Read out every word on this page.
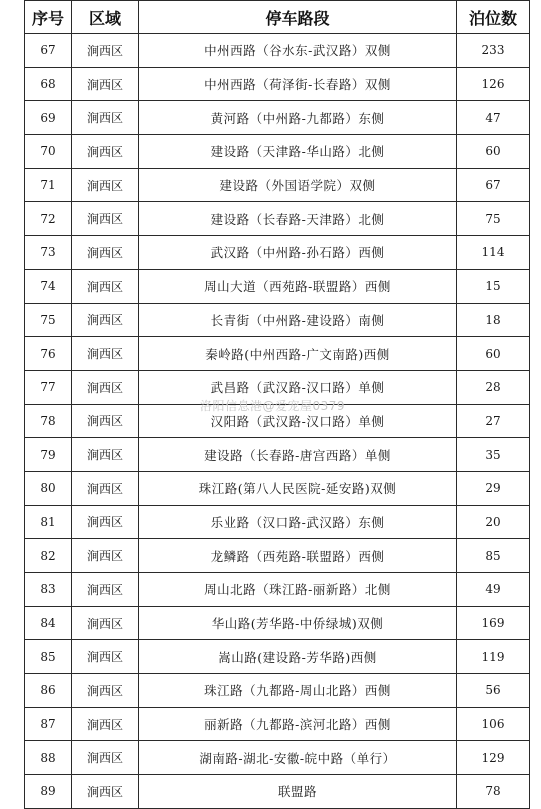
序号	区域	停车路段	泊位数
67	涧西区	中州西路（谷水东-武汉路）双侧	233
68	涧西区	中州西路（荷泽街-长春路）双侧	126
69	涧西区	黄河路（中州路-九都路）东侧	47
70	涧西区	建设路（天津路-华山路）北侧	60
71	涧西区	建设路（外国语学院）双侧	67
72	涧西区	建设路（长春路-天津路）北侧	75
73	涧西区	武汉路（中州路-孙石路）西侧	114
74	涧西区	周山大道（西苑路-联盟路）西侧	15
75	涧西区	长青街（中州路-建设路）南侧	18
76	涧西区	秦岭路(中州西路-广文南路)西侧	60
77	涧西区	武昌路（武汉路-汉口路）单侧	28
78	涧西区	汉阳路（武汉路-汉口路）单侧	27
79	涧西区	建设路（长春路-唐宫西路）单侧	35
80	涧西区	珠江路(第八人民医院-延安路)双侧	29
81	涧西区	乐业路（汉口路-武汉路）东侧	20
82	涧西区	龙鳞路（西苑路-联盟路）西侧	85
83	涧西区	周山北路（珠江路-丽新路）北侧	49
84	涧西区	华山路(芳华路-中侨绿城)双侧	169
85	涧西区	嵩山路(建设路-芳华路)西侧	119
86	涧西区	珠江路（九都路-周山北路）西侧	56
87	涧西区	丽新路（九都路-滨河北路）西侧	106
88	涧西区	湖南路-湖北-安徽-皖中路（单行）	129
89	涧西区	联盟路	78
洛阳信息港@爱宠屋0379
